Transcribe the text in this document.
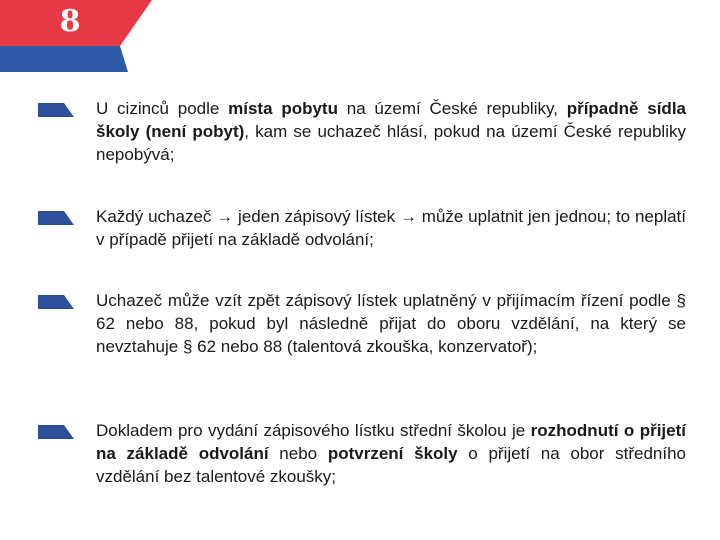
8

U cizinců podle místa pobytu na území České republiky, případně sídla školy (není pobyt), kam se uchazeč hlásí, pokud na území České republiky nepobývá;

Každý uchazeč → jeden zápisový lístek → může uplatnit jen jednou; to neplatí v případě přijetí na základě odvolání;

Uchazeč může vzít zpět zápisový lístek uplatněný v přijímacím řízení podle § 62 nebo 88, pokud byl následně přijat do oboru vzdělání, na který se nevztahuje § 62 nebo 88 (talentová zkouška, konzervatoř);

Dokladem pro vydání zápisového lístku střední školou je rozhodnutí o přijetí na základě odvolání nebo potvrzení školy o přijetí na obor středního vzdělání bez talentové zkoušky;
